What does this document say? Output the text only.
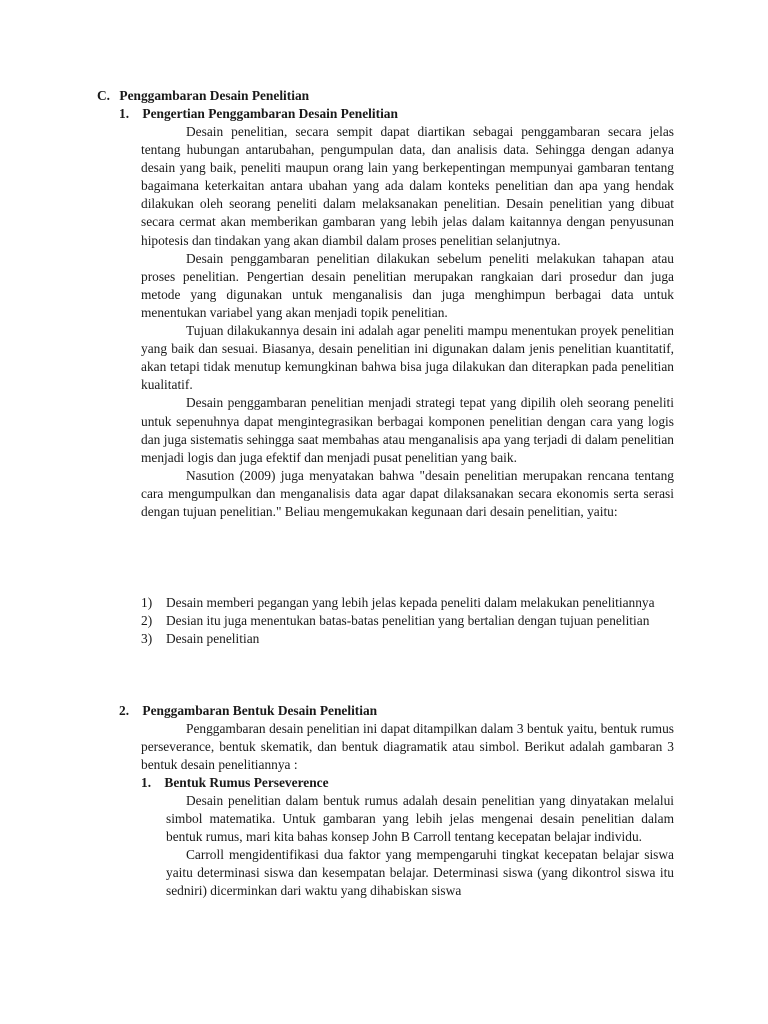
C. Penggambaran Desain Penelitian
1. Pengertian Penggambaran Desain Penelitian

Desain penelitian, secara sempit dapat diartikan sebagai penggambaran secara jelas tentang hubungan antarubahan, pengumpulan data, dan analisis data. Sehingga dengan adanya desain yang baik, peneliti maupun orang lain yang berkepentingan mempunyai gambaran tentang bagaimana keterkaitan antara ubahan yang ada dalam konteks penelitian dan apa yang hendak dilakukan oleh seorang peneliti dalam melaksanakan penelitian. Desain penelitian yang dibuat secara cermat akan memberikan gambaran yang lebih jelas dalam kaitannya dengan penyusunan hipotesis dan tindakan yang akan diambil dalam proses penelitian selanjutnya.

Desain penggambaran penelitian dilakukan sebelum peneliti melakukan tahapan atau proses penelitian. Pengertian desain penelitian merupakan rangkaian dari prosedur dan juga metode yang digunakan untuk menganalisis dan juga menghimpun berbagai data untuk menentukan variabel yang akan menjadi topik penelitian.

Tujuan dilakukannya desain ini adalah agar peneliti mampu menentukan proyek penelitian yang baik dan sesuai. Biasanya, desain penelitian ini digunakan dalam jenis penelitian kuantitatif, akan tetapi tidak menutup kemungkinan bahwa bisa juga dilakukan dan diterapkan pada penelitian kualitatif.

Desain penggambaran penelitian menjadi strategi tepat yang dipilih oleh seorang peneliti untuk sepenuhnya dapat mengintegrasikan berbagai komponen penelitian dengan cara yang logis dan juga sistematis sehingga saat membahas atau menganalisis apa yang terjadi di dalam penelitian menjadi logis dan juga efektif dan menjadi pusat penelitian yang baik.

Nasution (2009) juga menyatakan bahwa "desain penelitian merupakan rencana tentang cara mengumpulkan dan menganalisis data agar dapat dilaksanakan secara ekonomis serta serasi dengan tujuan penelitian." Beliau mengemukakan kegunaan dari desain penelitian, yaitu:

1) Desain memberi pegangan yang lebih jelas kepada peneliti dalam melakukan penelitiannya
2) Desian itu juga menentukan batas-batas penelitian yang bertalian dengan tujuan penelitian
3) Desain penelitian
2. Penggambaran Bentuk Desain Penelitian

Penggambaran desain penelitian ini dapat ditampilkan dalam 3 bentuk yaitu, bentuk rumus perseverance, bentuk skematik, dan bentuk diagramatik atau simbol. Berikut adalah gambaran 3 bentuk desain penelitiannya :

1. Bentuk Rumus Perseverence

Desain penelitian dalam bentuk rumus adalah desain penelitian yang dinyatakan melalui simbol matematika. Untuk gambaran yang lebih jelas mengenai desain penelitian dalam bentuk rumus, mari kita bahas konsep John B Carroll tentang kecepatan belajar individu.

Carroll mengidentifikasi dua faktor yang mempengaruhi tingkat kecepatan belajar siswa yaitu determinasi siswa dan kesempatan belajar. Determinasi siswa (yang dikontrol siswa itu sedniri) dicerminkan dari waktu yang dihabiskan siswa
